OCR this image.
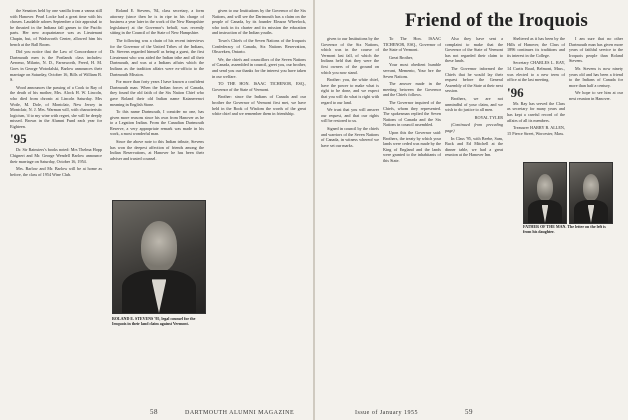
the Senators held by one vanilla from a vanna still with Hanover. Pearl Locke had a great time with his chosen. Laudable adores September a fair appraisal to be thrusted in the Indiana fall games to the Pacific parts. Her new acquaintance was as Lieutenant Chapin, but, of Wadsworth Center, allowed him his bench at the Ball Room.

Did you notice that the Law of Concordance of Dartmouth men is the Portlands class includes: Aeromo, Milarin, N. D., Farnsworth, Freed, H. M. Goes in George Wotodalski, Barlow announces their marriage on Saturday, October 16, Bills of William B. S.

Wood announces the passing of a Cook to Ray of the death of his mother, Mrs. Alock H. W. Lincoln, who died from chronic at Lincoln Saturday. Mrs Wotle, M. Dole, of Montclair, New Jersey in Montclair, N. J. Mrs. Warman will, with characteristic logicism, 'd to my wine with regret, she will be deeply missed. Brown in the Alumni Fund each year for Eighteen.

'95

Dr. Sir Rainsiers's books noted: Mrs Thelma Hopp Chigneri and Mr. George Wendell Barlow announce their marriage on Saturday, October 16, 1954.

Mrs. Barlow and Mr. Barlow will be at home as before, the class of 1954 Wine Club.

Roland E. Stevens, '84, class secretary, a form attorney (since then he is in ripe in his charge of business a year later in the work of the New Hampshire legislature) at the Governor's behalf, was recently sitting in the Council of the State of New Hampshire.

The following was a chain of his recent interviews for the Governor of the United Tribes of the Indians, Dr. Stevens regarded himself as being a guest, the first Lieutenant who was aided the Indian tribe and all their Dartmouth, and was at a Indians affairs which the Indians as the tradition affairs were ex-officio to the Dartmouth Mission.

For more than forty years I have known a confident Dartmouth man. When the Indian forces of Canada, they found the old faith of the Six Nation Chief who gave Roland their old Indian name Kaianerenwi meaning in English Stone.

To this name Dartmouth, I consider no one, has given more reasons since his own from Hanover as he to a Legation Indian. From the Canadian Dartmouth Reserve, a very appropriate remark was made in his work, a most wonderful man.

Since the above note to this Indian tribute, Stevens has won the deepest affection of friends among the Indian Reservations, at Hanover he has been their adviser and trusted counsel.

given to our Institutions by the Governor of the Six Nations, and will see the Dartmouth has a claim on the people of Canada, by its founder Eleazar Wheelock, who took in its charter and its mission the education and instruction of the Indian youths.

Town's Chiefs of the Seven Nations of the Iroquois Confederacy of Canada, Six Nations Reservation, Ohsweken, Ontario.

We, the chiefs and councillors of the Seven Nations of Canada, assembled in council, greet you, our brother, and send you our thanks for the interest you have taken in our welfare.

TO THE HON. ISAAC TICHENOR, ESQ., Governor of the State of Vermont.

Brother: since the Indians of Canada and our brother the Governor of Vermont first met, we have held in the Book of Wisdom the words of the great white chief and we remember them in friendship.

ROLAND E. STEVENS '95, legal counsel for the Iroquois in their land claim against Vermont.
58	DARTMOUTH ALUMNI MAGAZINE
Friend of the Iroquois

given to our Institutions by the Governor of the Six Nations, which was in the course of Vermont last fall, of which the Indians held that they were the first owners of the ground on which you now stand.

Brother: you, the white chief, have the power to make what is right to be done, and we expect that you will do what is right with regard to our land.

We trust that you will answer our request, and that our rights will be restored to us.

Signed in council by the chiefs and warriors of the Seven Nations of Canada, in witness whereof we have set our marks.

To The Hon. ISAAC TICHENOR, ESQ., Governor of the State of Vermont.

Great Brother,

Your most obedient humble servant, Memento, Your bre the Seven Nations.

The answer made in the meeting between the Governor and the Chiefs follows.

The Governor inquired of the Chiefs, whom they represented. The spokesman replied the Seven Nations of Canada and the Six Nations in council assembled.

Upon this the Governor said: Brothers, the treaty by which your lands were ceded was made by the King of England and the lands were granted to the inhabitants of this State.

Also they have sent a complaint to make that the Governor of the State of Vermont has not regarded their claim to these lands.

The Governor informed the Chiefs that he would lay their request before the General Assembly of the State at their next session.

Brothers, we are not unmindful of your claim, and we wish to do justice to all men.

ROYAL TYLER

(Continued from preceding page)

In Class '95, with Beebe, Sam, Buck and Ed Mitchell at the dinner table, we had a great reunion at the Hanover Inn.

Sheltered as it has been by the Hills of Hanover, the Class of 1896 continues its traditions and its interest in the College.

Secretary CHARLES L. RAY, 14 Curtis Road, Belmont, Mass., was elected to a new term of office at the last meeting.

'96

Mr. Ray has served the Class as secretary for many years and has kept a careful record of the affairs of all its members.

Treasurer HARRY B. ALLEN, 15 Pierce Street, Worcester, Mass.

I am sure that no other Dartmouth man has given more years of faithful service to the Iroquois people than Roland Stevens.

Mr. Stevens is now ninety years old and has been a friend to the Indians of Canada for more than half a century.

We hope to see him at our next reunion in Hanover.

FATHER OF THE MAN. The letter on the left is from his daughter.
Issue of January 1955	59
